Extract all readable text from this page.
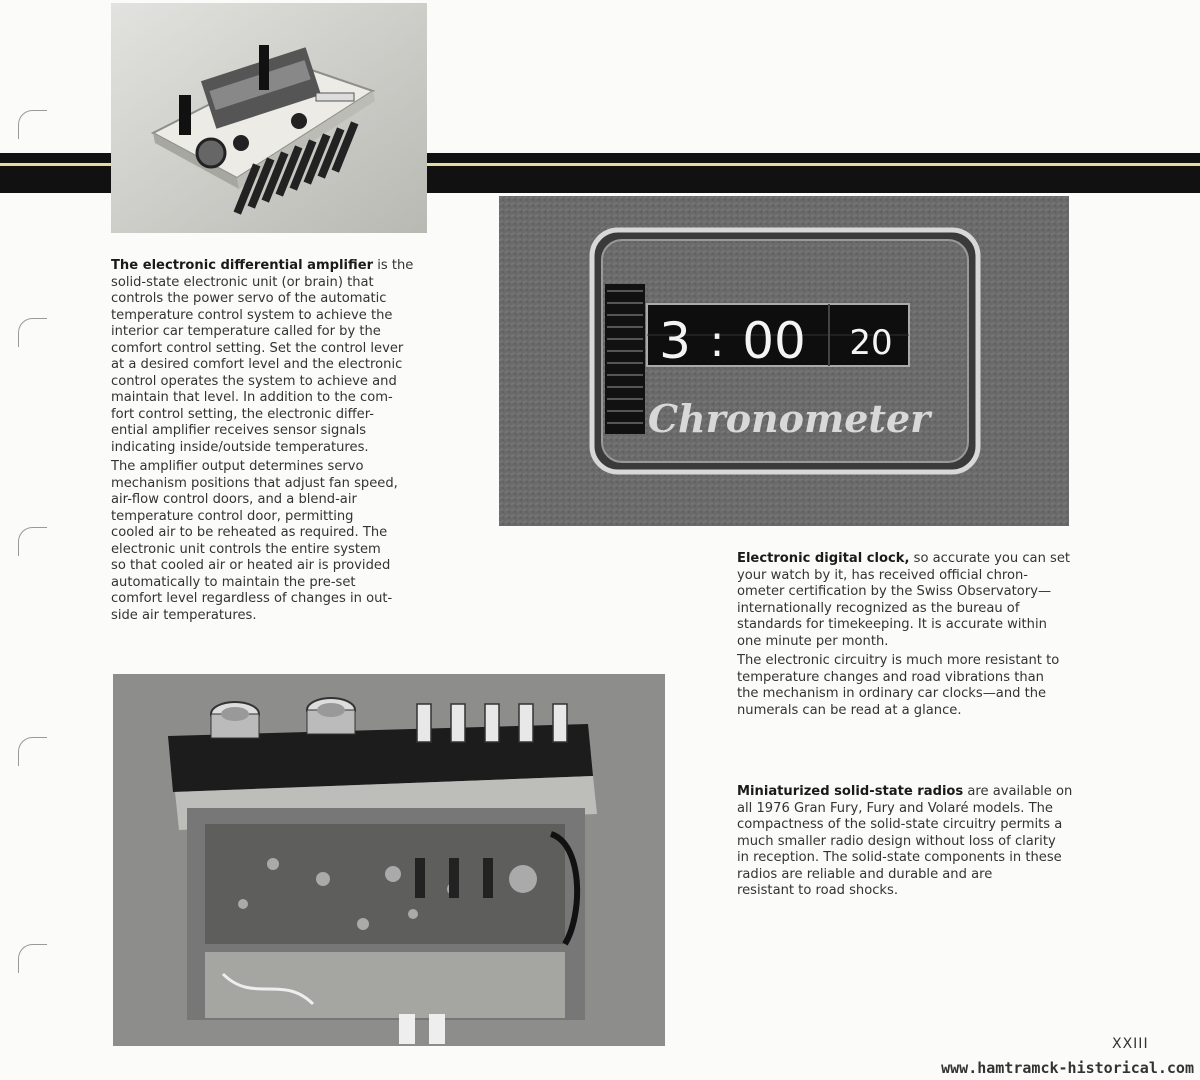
3 : 00 20
Chronometer
The electronic differential amplifier is the
solid-state electronic unit (or brain) that
controls the power servo of the automatic
temperature control system to achieve the
interior car temperature called for by the
comfort control setting. Set the control lever
at a desired comfort level and the electronic
control operates the system to achieve and
maintain that level. In addition to the com-
fort control setting, the electronic differ-
ential amplifier receives sensor signals
indicating inside/outside temperatures.
The amplifier output determines servo
mechanism positions that adjust fan speed,
air-flow control doors, and a blend-air
temperature control door, permitting
cooled air to be reheated as required. The
electronic unit controls the entire system
so that cooled air or heated air is provided
automatically to maintain the pre-set
comfort level regardless of changes in out-
side air temperatures.
Electronic digital clock, so accurate you can set
your watch by it, has received official chron-
ometer certification by the Swiss Observatory—
internationally recognized as the bureau of
standards for timekeeping. It is accurate within
one minute per month.
The electronic circuitry is much more resistant to
temperature changes and road vibrations than
the mechanism in ordinary car clocks—and the
numerals can be read at a glance.
Miniaturized solid-state radios are available on
all 1976 Gran Fury, Fury and Volaré models. The
compactness of the solid-state circuitry permits a
much smaller radio design without loss of clarity
in reception. The solid-state components in these
radios are reliable and durable and are
resistant to road shocks.
XXIII
www.hamtramck-historical.com
